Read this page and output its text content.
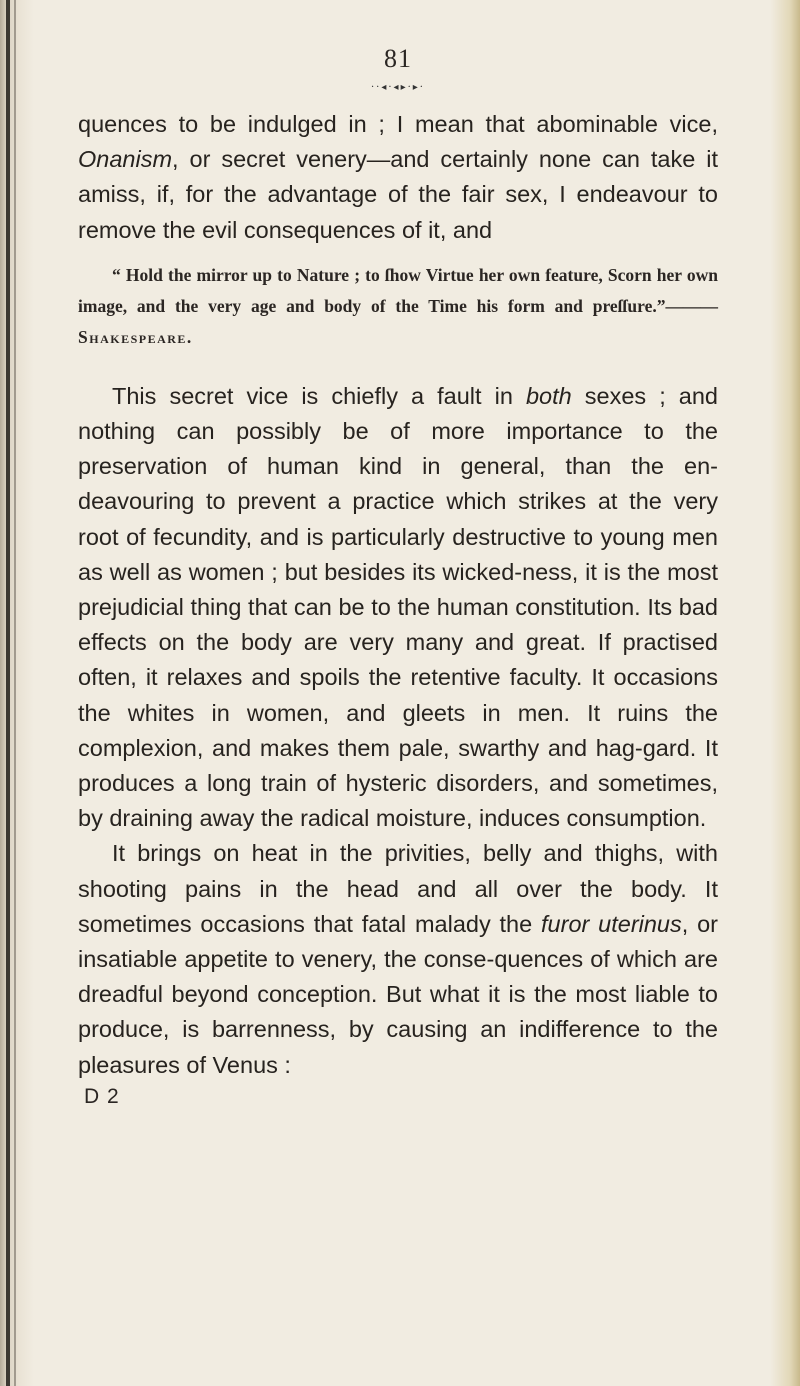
81
··◂·◂▸·▸·

quences to be indulged in ; I mean that abominable vice, Onanism, or secret venery—and certainly none can take it amiss, if, for the advantage of the fair sex, I endeavour to remove the evil consequences of it, and

“ Hold the mirror up to Nature ; to ſhow Virtue her own feature, Scorn her own image, and the very age and body of the Time his form and preſſure.”———Shakespeare.

This secret vice is chiefly a fault in both sexes ; and nothing can possibly be of more importance to the preservation of human kind in general, than the en-deavouring to prevent a practice which strikes at the very root of fecundity, and is particularly destructive to young men as well as women ; but besides its wicked-ness, it is the most prejudicial thing that can be to the human constitution. Its bad effects on the body are very many and great. If practised often, it relaxes and spoils the retentive faculty. It occasions the whites in women, and gleets in men. It ruins the complexion, and makes them pale, swarthy and hag-gard. It produces a long train of hysteric disorders, and sometimes, by draining away the radical moisture, induces consumption.

It brings on heat in the privities, belly and thighs, with shooting pains in the head and all over the body. It sometimes occasions that fatal malady the furor uterinus, or insatiable appetite to venery, the conse-quences of which are dreadful beyond conception. But what it is the most liable to produce, is barrenness, by causing an indifference to the pleasures of Venus :

D 2
